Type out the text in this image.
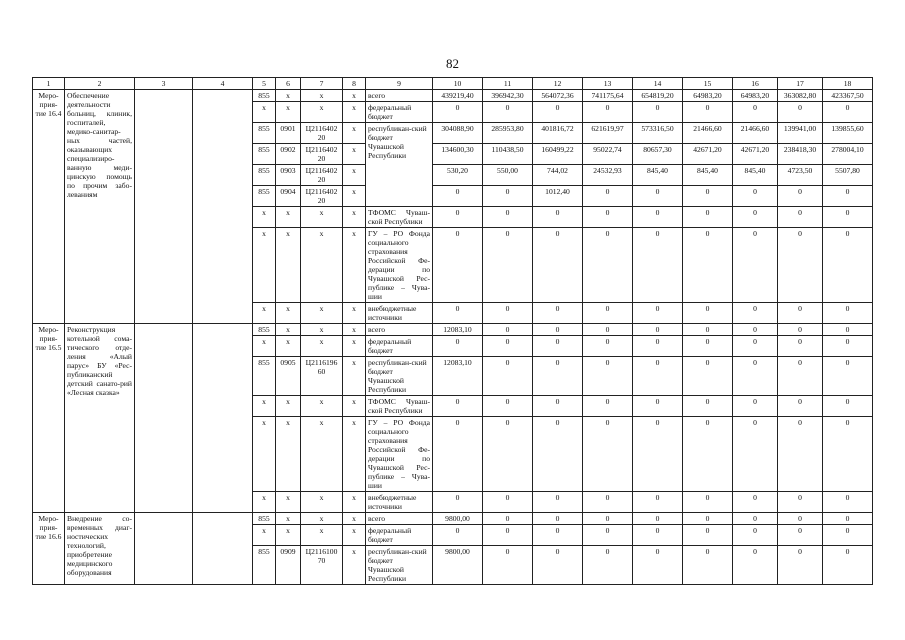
82
1	2	3	4	5	6	7	8	9	10	11	12	13	14	15	16	17	18
Меро-прия-тие 16.4	Обеспечение деятельности больниц, клиник, госпиталей, медико-санитар-ных частей, оказывающих специализиро-ванную меди-цинскую помощь по прочим забо-леваниям			855	х	х	х	всего	439219,40	396942,30	564072,36	741175,64	654819,20	64983,20	64983,20	363082,80	423367,50
				х	х	х	х	федеральный бюджет	0	0	0	0	0	0	0	0	0
				855	0901	Ц2116402 20	х	республикан-ский бюджет Чувашской Республики	304088,90	285953,80	401816,72	621619,97	573316,50	21466,60	21466,60	139941,00	139855,60
				855	0902	Ц2116402 20	х		134600,30	110438,50	160499,22	95022,74	80657,30	42671,20	42671,20	238418,30	278004,10
				855	0903	Ц2116402 20	х		530,20	550,00	744,02	24532,93	845,40	845,40	845,40	4723,50	5507,80
				855	0904	Ц2116402 20	х		0	0	1012,40	0	0	0	0	0	0
				х	х	х	х	ТФОМС Чуваш-ской Республики	0	0	0	0	0	0	0	0	0
				х	х	х	х	ГУ – РО Фонда социального страхования Российской Фе-дерации по Чувашской Рес-публике – Чува-шии	0	0	0	0	0	0	0	0	0
				х	х	х	х	внебюджетные источники	0	0	0	0	0	0	0	0	0
Меро-прия-тие 16.5	Реконструкция котельной сома-тического отде-ления «Алый парус» БУ «Рес-публиканский детский санато-рий «Лесная сказка»			855	х	х	х	всего	12083,10	0	0	0	0	0	0	0	0
				х	х	х	х	федеральный бюджет	0	0	0	0	0	0	0	0	0
				855	0905	Ц2116196 60	х	республикан-ский бюджет Чувашской Республики	12083,10	0	0	0	0	0	0	0	0
				х	х	х	х	ТФОМС Чуваш-ской Республики	0	0	0	0	0	0	0	0	0
				х	х	х	х	ГУ – РО Фонда социального страхования Российской Фе-дерации по Чувашской Рес-публике – Чува-шии	0	0	0	0	0	0	0	0	0
				х	х	х	х	внебюджетные источники	0	0	0	0	0	0	0	0	0
Меро-прия-тие 16.6	Внедрение со-временных диаг-ностических технологий, приобретение медицинского оборудования			855	х	х	х	всего	9800,00	0	0	0	0	0	0	0	0
				х	х	х	х	федеральный бюджет	0	0	0	0	0	0	0	0	0
				855	0909	Ц2116100 70	х	республикан-ский бюджет Чувашской Республики	9800,00	0	0	0	0	0	0	0	0
